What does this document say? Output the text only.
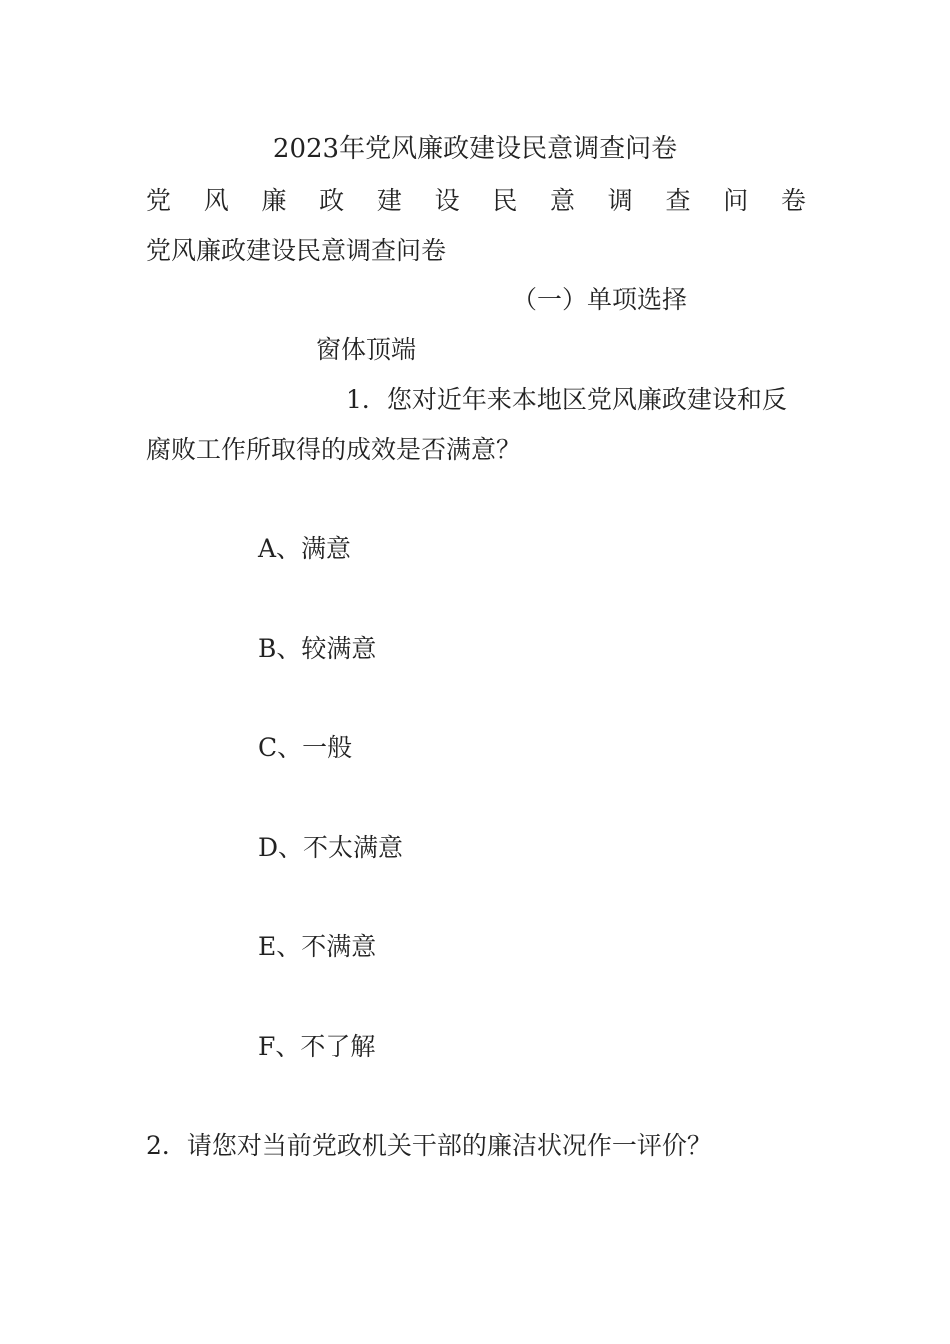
2023年党风廉政建设民意调查问卷
党 风 廉 政 建 设 民 意 调 查 问 卷
党风廉政建设民意调查问卷
（一）单项选择
窗体顶端
1．您对近年来本地区党风廉政建设和反
腐败工作所取得的成效是否满意？
A、满意
B、较满意
C、一般
D、不太满意
E、不满意
F、不了解
2．请您对当前党政机关干部的廉洁状况作一评价？
